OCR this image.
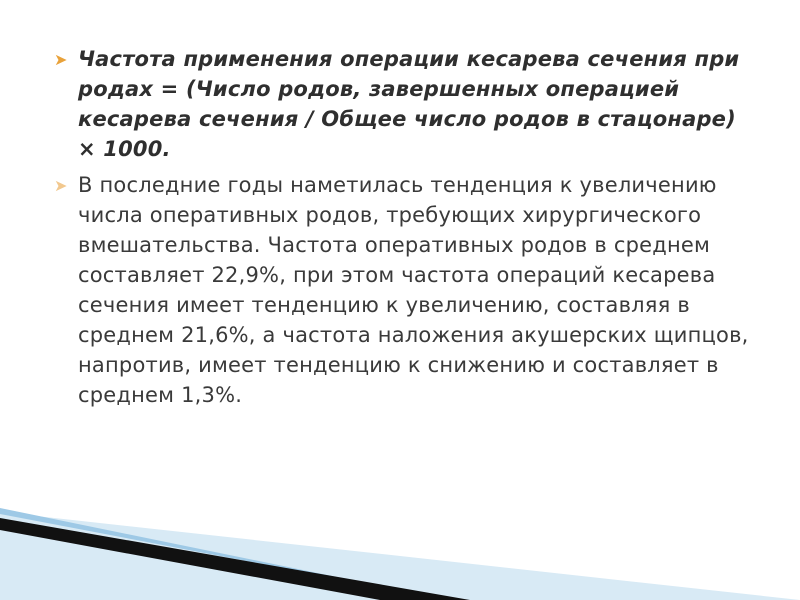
➤ Частота применения операции кесарева сечения при родах = (Число родов, завершенных операцией кесарева сечения / Общее число родов в стацонаре) × 1000.
➤ В последние годы наметилась тенденция к увеличению числа оперативных родов, требующих хирургического вмешательства. Частота оперативных родов в среднем составляет 22,9%, при этом частота операций кесарева сечения имеет тенденцию к увеличению, составляя в среднем 21,6%, а частота наложения акушерских щипцов, напротив, имеет тенденцию к снижению и составляет в среднем 1,3%.
